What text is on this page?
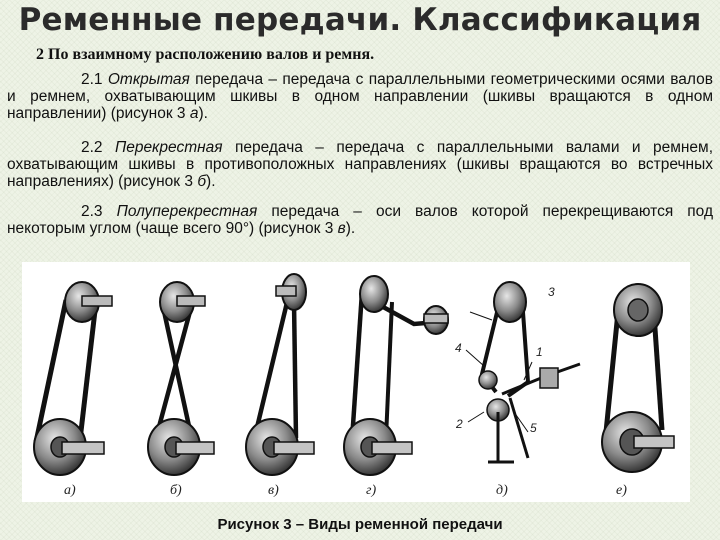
Ременные передачи. Классификация
2 По взаимному расположению валов и ремня.
2.1 Открытая передача – передача с параллельными геометрическими осями валов и ремнем, охватывающим шкивы в одном направлении (шкивы вращаются в одном направлении) (рисунок 3 а).
2.2 Перекрестная передача – передача с параллельными валами и ремнем, охватывающим шкивы в противоположных направлениях (шкивы вращаются во встречных направлениях) (рисунок 3 б).
2.3 Полуперекрестная передача – оси валов которой перекрещиваются под некоторым углом (чаще всего 90°) (рисунок 3 в).
3
4	1
2	5
а)	б)	в)	г)	д)	е)
Рисунок 3 – Виды ременной передачи
